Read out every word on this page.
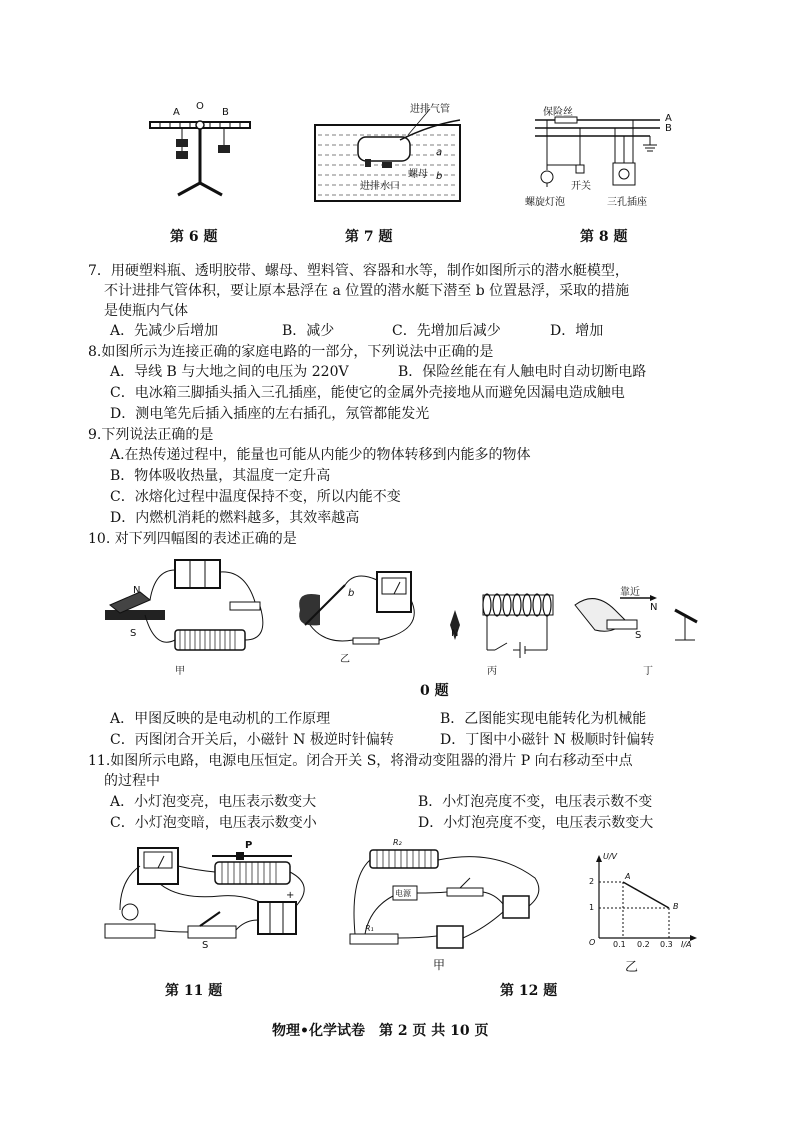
A
O
B
第 6 题
进排气管
a
b
螺母
进排水口
第 7 题
保险丝
A
B
开关
螺旋灯泡	三孔插座
第 8 题
7．用硬塑料瓶、透明胶带、螺母、塑料管、容器和水等，制作如图所示的潜水艇模型，
不计进排气管体积，要让原本悬浮在 a 位置的潜水艇下潜至 b 位置悬浮，采取的措施
是使瓶内气体
A．先减少后增加	B．减少	C．先增加后减少	D．增加
8.如图所示为连接正确的家庭电路的一部分，下列说法中正确的是
A．导线 B 与大地之间的电压为 220V	B．保险丝能在有人触电时自动切断电路
C．电冰箱三脚插头插入三孔插座，能使它的金属外壳接地从而避免因漏电造成触电
D．测电笔先后插入插座的左右插孔，氖管都能发光
9.下列说法正确的是
A.在热传递过程中，能量也可能从内能少的物体转移到内能多的物体
B．物体吸收热量，其温度一定升高
C．冰熔化过程中温度保持不变，所以内能不变
D．内燃机消耗的燃料越多，其效率越高
10. 对下列四幅图的表述正确的是
N
S
b
N
靠近
N
S
甲
乙
丙	丁
0 题
A．甲图反映的是电动机的工作原理	B．乙图能实现电能转化为机械能
C．丙图闭合开关后，小磁针 N 极逆时针偏转	D．丁图中小磁针 N 极顺时针偏转
11.如图所示电路，电源电压恒定。闭合开关 S，将滑动变阻器的滑片 P 向右移动至中点
的过程中
A．小灯泡变亮，电压表示数变大	B．小灯泡亮度不变，电压表示数不变
C．小灯泡变暗，电压表示数变小	D．小灯泡亮度不变，电压表示数变大
P
S
+
第 11 题
R₂
电源
R₁
甲
第 12 题
U/V
A
B
2
1
O 0.1 0.2 0.3 I/A
乙
物理•化学试卷　第 2 页 共 10 页
